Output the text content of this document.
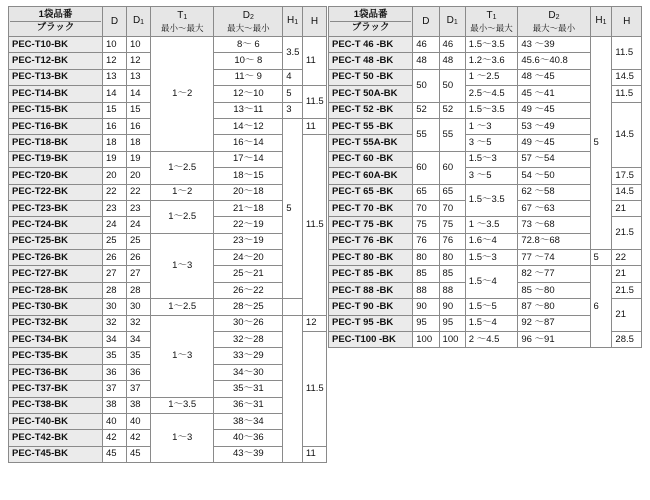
1袋品番
ブラック	D	$D_1$	$T_1$
最小〜最大	$D_2$
最大〜最小	$H_1$	H
PEC-T10-BK	10	10	1〜2	8〜 6	3.5	11
PEC-T12-BK	12	12		10〜 8		
PEC-T13-BK	13	13		11〜 9	4	
PEC-T14-BK	14	14		12〜10	5	11.5
PEC-T15-BK	15	15		13〜11	3	
PEC-T16-BK	16	16		14〜12	5	11
PEC-T18-BK	18	18		16〜14		11.5
PEC-T19-BK	19	19	1〜2.5	17〜14		
PEC-T20-BK	20	20		18〜15		
PEC-T22-BK	22	22	1〜2	20〜18		
PEC-T23-BK	23	23	1〜2.5	21〜18		
PEC-T24-BK	24	24		22〜19		
PEC-T25-BK	25	25	1〜3	23〜19		
PEC-T26-BK	26	26		24〜20		
PEC-T27-BK	27	27		25〜21		
PEC-T28-BK	28	28		26〜22		
PEC-T30-BK	30	30	1〜2.5	28〜25		
PEC-T32-BK	32	32	1〜3	30〜26		12
PEC-T34-BK	34	34		32〜28		11.5
PEC-T35-BK	35	35		33〜29		
PEC-T36-BK	36	36		34〜30		
PEC-T37-BK	37	37		35〜31		
PEC-T38-BK	38	38	1〜3.5	36〜31		
PEC-T40-BK	40	40	1〜3	38〜34		
PEC-T42-BK	42	42		40〜36		
PEC-T45-BK	45	45		43〜39		11
1袋品番
ブラック	D	$D_1$	$T_1$
最小〜最大	$D_2$
最大〜最小	$H_1$	H
PEC-T 46 -BK	46	46	1.5〜3.5	43 〜39	5	11.5
PEC-T 48 -BK	48	48	1.2〜3.6	45.6〜40.8		
PEC-T 50 -BK	50	50	1 〜2.5	48 〜45		14.5
PEC-T 50A-BK			2.5〜4.5	45 〜41		11.5
PEC-T 52 -BK	52	52	1.5〜3.5	49 〜45		14.5
PEC-T 55 -BK	55	55	1 〜3	53 〜49		
PEC-T 55A-BK			3 〜5	49 〜45		
PEC-T 60 -BK	60	60	1.5〜3	57 〜54		
PEC-T 60A-BK			3 〜5	54 〜50		17.5
PEC-T 65 -BK	65	65	1.5〜3.5	62 〜58		14.5
PEC-T 70 -BK	70	70		67 〜63		21
PEC-T 75 -BK	75	75	1 〜3.5	73 〜68		21.5
PEC-T 76 -BK	76	76	1.6〜4	72.8〜68		
PEC-T 80 -BK	80	80	1.5〜3	77 〜74	5	22
PEC-T 85 -BK	85	85	1.5〜4	82 〜77	6	21
PEC-T 88 -BK	88	88		85 〜80		21.5
PEC-T 90 -BK	90	90	1.5〜5	87 〜80		21
PEC-T 95 -BK	95	95	1.5〜4	92 〜87		
PEC-T100 -BK	100	100	2 〜4.5	96 〜91		28.5
